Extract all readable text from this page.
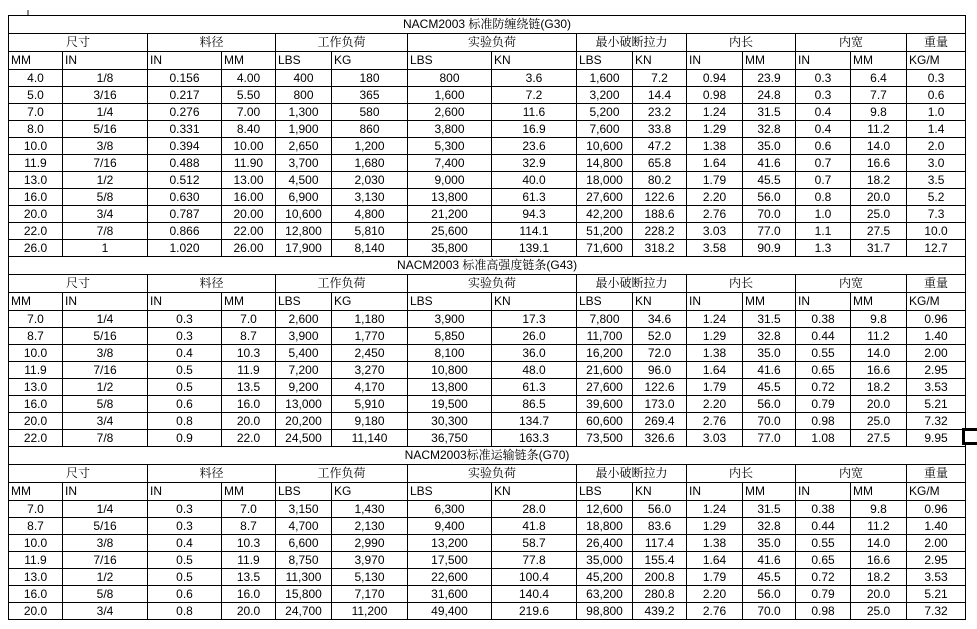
NACM2003 标准防缠绕链(G30)														
尺寸		料径		工作负荷		实验负荷		最小破断拉力		内长		内宽		重量
MM	IN	IN	MM	LBS	KG	LBS	KN	LBS	KN	IN	MM	IN	MM	KG/M
4.0	1/8	0.156	4.00	400	180	800	3.6	1,600	7.2	0.94	23.9	0.3	6.4	0.3
5.0	3/16	0.217	5.50	800	365	1,600	7.2	3,200	14.4	0.98	24.8	0.3	7.7	0.6
7.0	1/4	0.276	7.00	1,300	580	2,600	11.6	5,200	23.2	1.24	31.5	0.4	9.8	1.0
8.0	5/16	0.331	8.40	1,900	860	3,800	16.9	7,600	33.8	1.29	32.8	0.4	11.2	1.4
10.0	3/8	0.394	10.00	2,650	1,200	5,300	23.6	10,600	47.2	1.38	35.0	0.6	14.0	2.0
11.9	7/16	0.488	11.90	3,700	1,680	7,400	32.9	14,800	65.8	1.64	41.6	0.7	16.6	3.0
13.0	1/2	0.512	13.00	4,500	2,030	9,000	40.0	18,000	80.2	1.79	45.5	0.7	18.2	3.5
16.0	5/8	0.630	16.00	6,900	3,130	13,800	61.3	27,600	122.6	2.20	56.0	0.8	20.0	5.2
20.0	3/4	0.787	20.00	10,600	4,800	21,200	94.3	42,200	188.6	2.76	70.0	1.0	25.0	7.3
22.0	7/8	0.866	22.00	12,800	5,810	25,600	114.1	51,200	228.2	3.03	77.0	1.1	27.5	10.0
26.0	1	1.020	26.00	17,900	8,140	35,800	139.1	71,600	318.2	3.58	90.9	1.3	31.7	12.7
NACM2003 标准高强度链条(G43)														
尺寸		料径		工作负荷		实验负荷		最小破断拉力		内长		内宽		重量
MM	IN	IN	MM	LBS	KG	LBS	KN	LBS	KN	IN	MM	IN	MM	KG/M
7.0	1/4	0.3	7.0	2,600	1,180	3,900	17.3	7,800	34.6	1.24	31.5	0.38	9.8	0.96
8.7	5/16	0.3	8.7	3,900	1,770	5,850	26.0	11,700	52.0	1.29	32.8	0.44	11.2	1.40
10.0	3/8	0.4	10.3	5,400	2,450	8,100	36.0	16,200	72.0	1.38	35.0	0.55	14.0	2.00
11.9	7/16	0.5	11.9	7,200	3,270	10,800	48.0	21,600	96.0	1.64	41.6	0.65	16.6	2.95
13.0	1/2	0.5	13.5	9,200	4,170	13,800	61.3	27,600	122.6	1.79	45.5	0.72	18.2	3.53
16.0	5/8	0.6	16.0	13,000	5,910	19,500	86.5	39,600	173.0	2.20	56.0	0.79	20.0	5.21
20.0	3/4	0.8	20.0	20,200	9,180	30,300	134.7	60,600	269.4	2.76	70.0	0.98	25.0	7.32
22.0	7/8	0.9	22.0	24,500	11,140	36,750	163.3	73,500	326.6	3.03	77.0	1.08	27.5	9.95
NACM2003标准运输链条(G70)														
尺寸		料径		工作负荷		实验负荷		最小破断拉力		内长		内宽		重量
MM	IN	IN	MM	LBS	KG	LBS	KN	LBS	KN	IN	MM	IN	MM	KG/M
7.0	1/4	0.3	7.0	3,150	1,430	6,300	28.0	12,600	56.0	1.24	31.5	0.38	9.8	0.96
8.7	5/16	0.3	8.7	4,700	2,130	9,400	41.8	18,800	83.6	1.29	32.8	0.44	11.2	1.40
10.0	3/8	0.4	10.3	6,600	2,990	13,200	58.7	26,400	117.4	1.38	35.0	0.55	14.0	2.00
11.9	7/16	0.5	11.9	8,750	3,970	17,500	77.8	35,000	155.4	1.64	41.6	0.65	16.6	2.95
13.0	1/2	0.5	13.5	11,300	5,130	22,600	100.4	45,200	200.8	1.79	45.5	0.72	18.2	3.53
16.0	5/8	0.6	16.0	15,800	7,170	31,600	140.4	63,200	280.8	2.20	56.0	0.79	20.0	5.21
20.0	3/4	0.8	20.0	24,700	11,200	49,400	219.6	98,800	439.2	2.76	70.0	0.98	25.0	7.32
